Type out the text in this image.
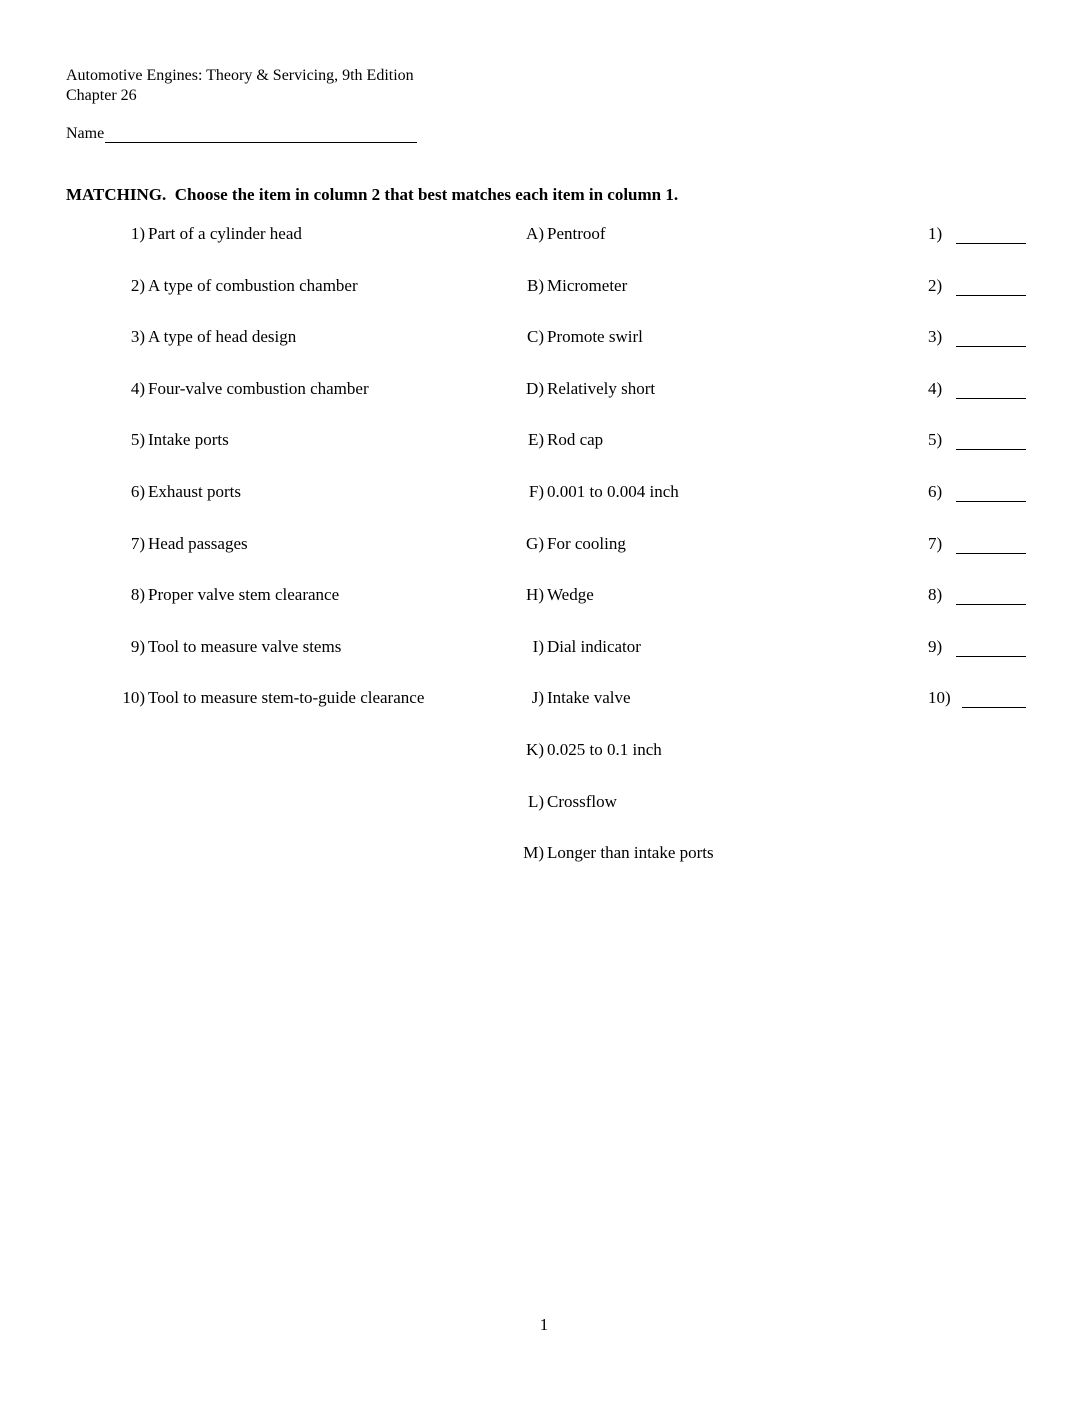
Automotive Engines: Theory & Servicing, 9th Edition
Chapter 26
Name
MATCHING.  Choose the item in column 2 that best matches each item in column 1.
1) Part of a cylinder head
2) A type of combustion chamber
3) A type of head design
4) Four-valve combustion chamber
5) Intake ports
6) Exhaust ports
7) Head passages
8) Proper valve stem clearance
9) Tool to measure valve stems
10) Tool to measure stem-to-guide clearance
A) Pentroof
B) Micrometer
C) Promote swirl
D) Relatively short
E) Rod cap
F) 0.001 to 0.004 inch
G) For cooling
H) Wedge
I) Dial indicator
J) Intake valve
K) 0.025 to 0.1 inch
L) Crossflow
M) Longer than intake ports
1)
2)
3)
4)
5)
6)
7)
8)
9)
10)
1
